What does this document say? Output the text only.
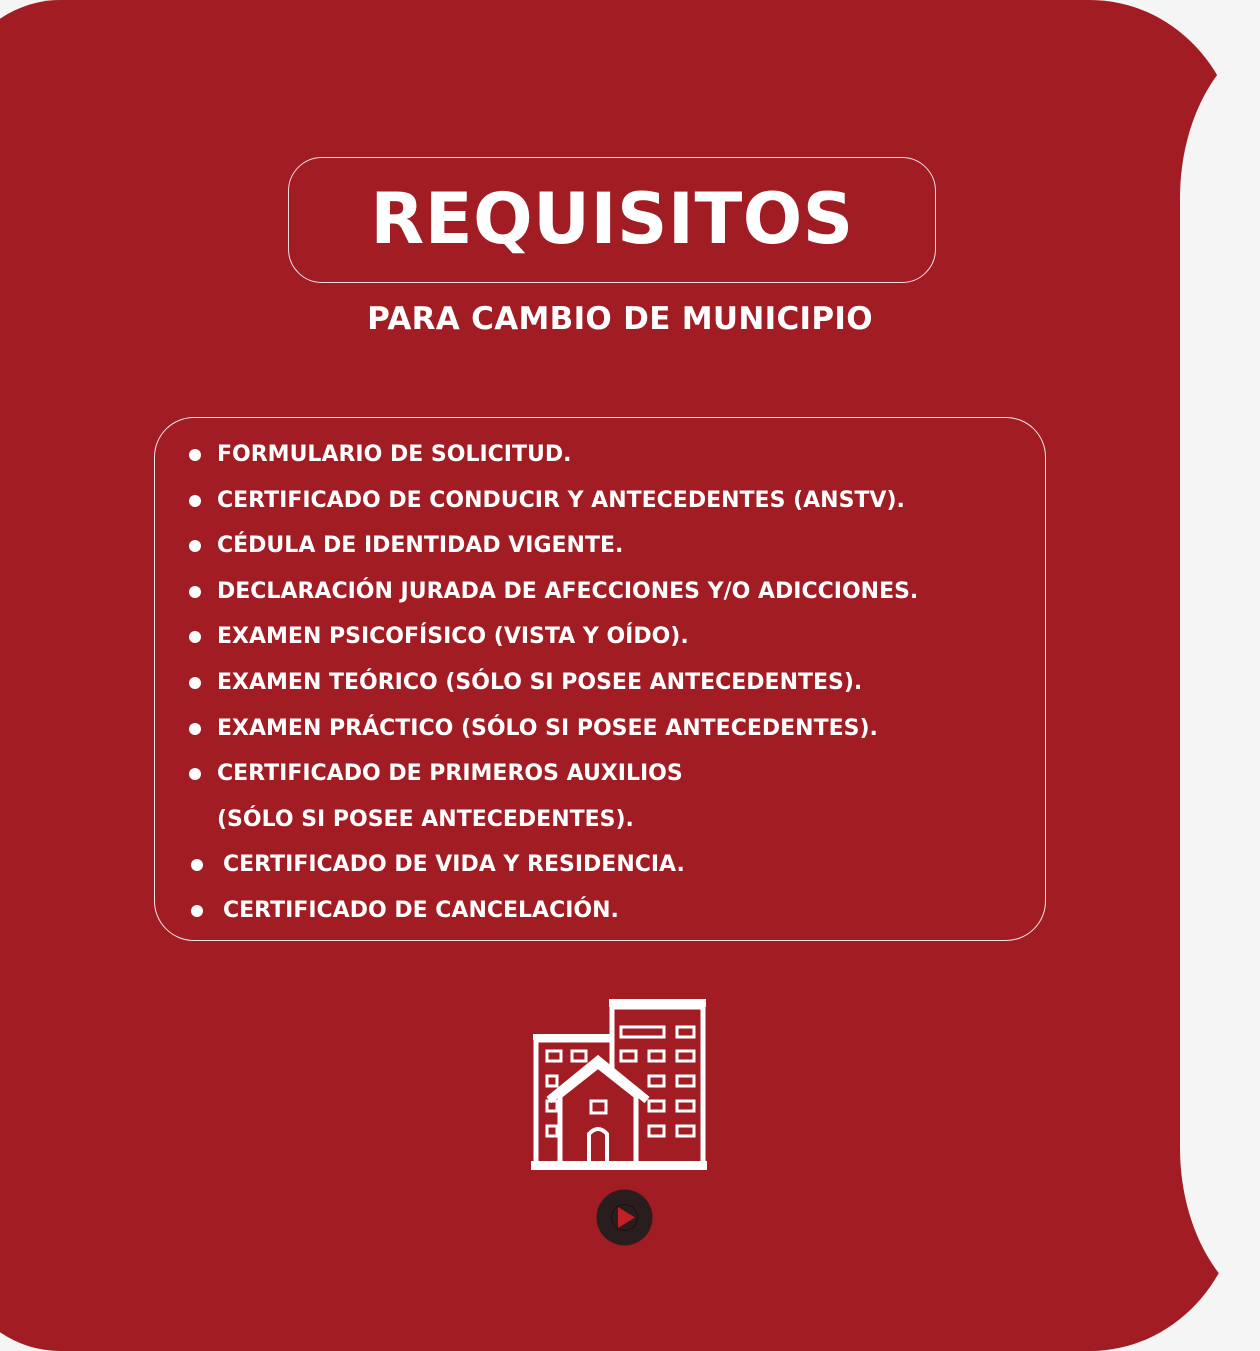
REQUISITOS
PARA CAMBIO DE MUNICIPIO
FORMULARIO DE SOLICITUD.
CERTIFICADO DE CONDUCIR Y ANTECEDENTES (ANSTV).
CÉDULA DE IDENTIDAD VIGENTE.
DECLARACIÓN JURADA DE AFECCIONES Y/O ADICCIONES.
EXAMEN PSICOFÍSICO (VISTA Y OÍDO).
EXAMEN TEÓRICO (SÓLO SI POSEE ANTECEDENTES).
EXAMEN PRÁCTICO (SÓLO SI POSEE ANTECEDENTES).
CERTIFICADO DE PRIMEROS AUXILIOS
(SÓLO SI POSEE ANTECEDENTES).
CERTIFICADO DE VIDA Y RESIDENCIA.
CERTIFICADO DE CANCELACIÓN.
